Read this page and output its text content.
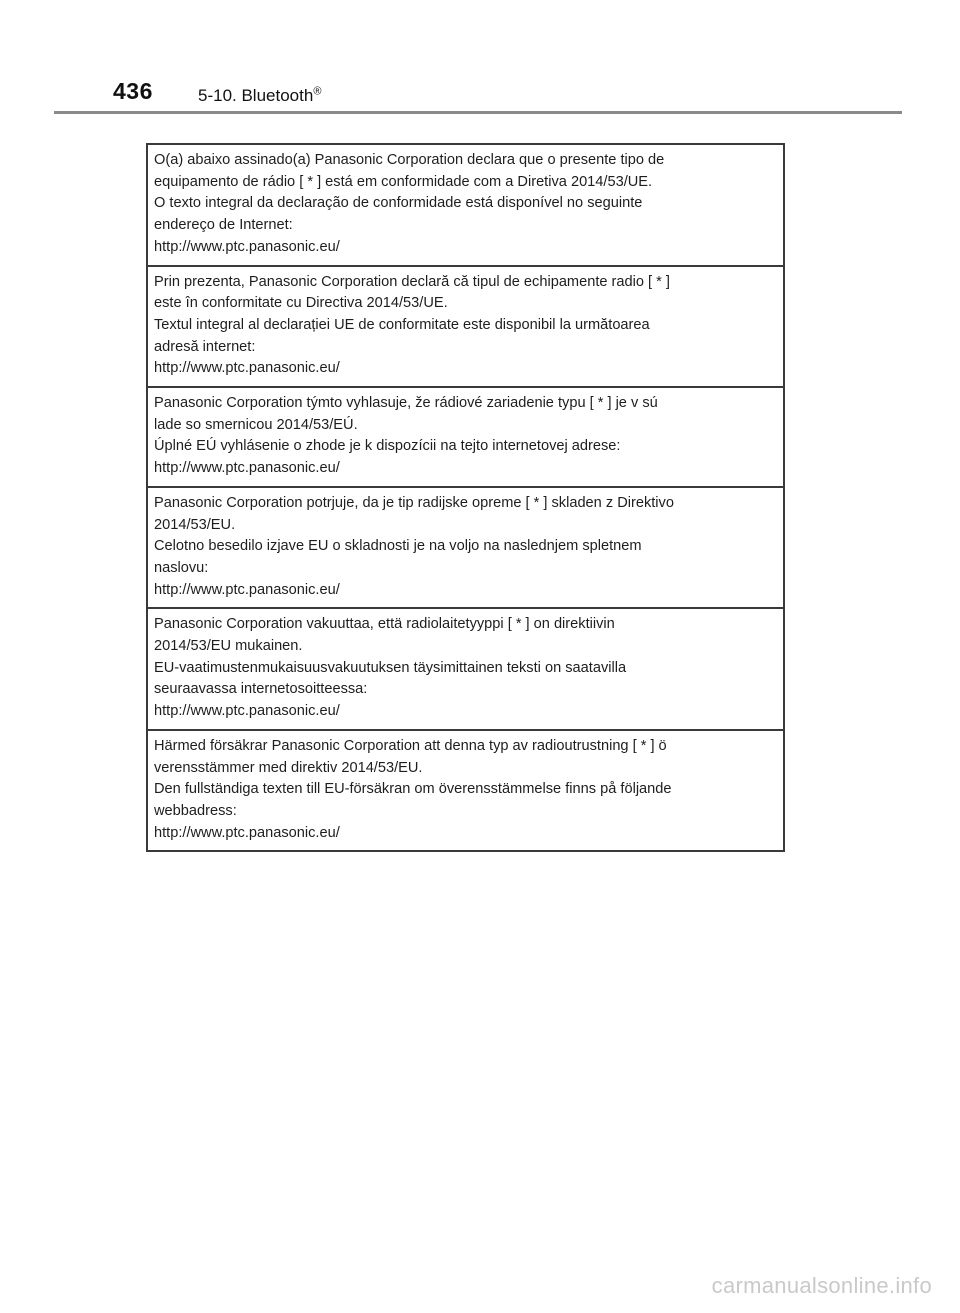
436	5-10. Bluetooth®
O(a) abaixo assinado(a) Panasonic Corporation declara que o presente tipo de
equipamento de rádio [ * ] está em conformidade com a Diretiva 2014/53/UE.
O texto integral da declaração de conformidade está disponível no seguinte
endereço de Internet:
http://www.ptc.panasonic.eu/
Prin prezenta, Panasonic Corporation declară că tipul de echipamente radio [ * ]
este în conformitate cu Directiva 2014/53/UE.
Textul integral al declarației UE de conformitate este disponibil la următoarea
adresă internet:
http://www.ptc.panasonic.eu/
Panasonic Corporation týmto vyhlasuje, že rádiové zariadenie typu [ * ] je v sú
lade so smernicou 2014/53/EÚ.
Úplné EÚ vyhlásenie o zhode je k dispozícii na tejto internetovej adrese:
http://www.ptc.panasonic.eu/
Panasonic Corporation potrjuje, da je tip radijske opreme [ * ] skladen z Direktivo
2014/53/EU.
Celotno besedilo izjave EU o skladnosti je na voljo na naslednjem spletnem
naslovu:
http://www.ptc.panasonic.eu/
Panasonic Corporation vakuuttaa, että radiolaitetyyppi [ * ] on direktiivin
2014/53/EU mukainen.
EU-vaatimustenmukaisuusvakuutuksen täysimittainen teksti on saatavilla
seuraavassa internetosoitteessa:
http://www.ptc.panasonic.eu/
Härmed försäkrar Panasonic Corporation att denna typ av radioutrustning [ * ] ö
verensstämmer med direktiv 2014/53/EU.
Den fullständiga texten till EU-försäkran om överensstämmelse finns på följande
webbadress:
http://www.ptc.panasonic.eu/
carmanualsonline.info
